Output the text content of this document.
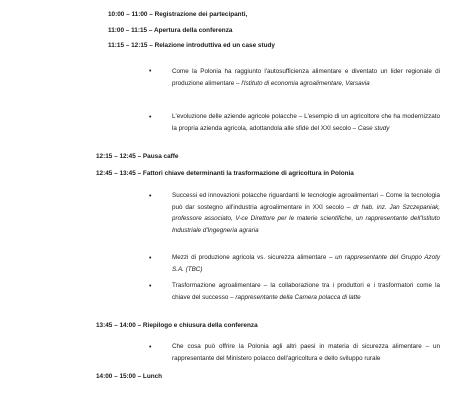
10:00 – 11:00 – Registrazione dei partecipanti,
11:00 – 11:15 – Apertura della conferenza
11:15 – 12:15 – Relazione introduttiva ed un case study
•	Come la Polonia ha raggiunto l'autosufficienza alimentare e diventato un lider regionale di produzione alimentare – l'Istituto di economia agroalimentare, Varsavia
•	L'evoluzione delle aziende agricole polacche – L'esempio di un agricoltore che ha modernizzato la propria azienda agricola, adottandola alle sfide del XXI secolo – Case study
12:15 – 12:45 – Pausa caffe
12:45 – 13:45 – Fattori chiave determinanti la trasformazione di agricoltura in Polonia
•	Successi ed innovazioni polacche riguardanti le tecnologie agroalimentari – Come la tecnologia può dar sostegno all'industria agroalimentare in XXI secolo – dr hab. inz. Jan Szczepaniak, professore associato, V-ce Direttore per le materie scientifiche, un rappresentante dell'Istituto Industriale d'Ingegneria agraria
•	Mezzi di produzione agricola vs. sicurezza alimentare – un rappresentante del Gruppo Azoty S.A. (TBC)
•	Trasformazione agroalimentare – la collaborazione tra i produttori e i trasformatori come la chiave del successo – rappresentante della Camera polacca di latte
13:45 – 14:00 – Riepilogo e chiusura della conferenza
•	Che cosa può offrire la Polonia agli altri paesi in materia di sicurezza alimentare – un rappresentante del Ministero polacco dell'agricoltura e dello sviluppo rurale
14:00 – 15:00 – Lunch
